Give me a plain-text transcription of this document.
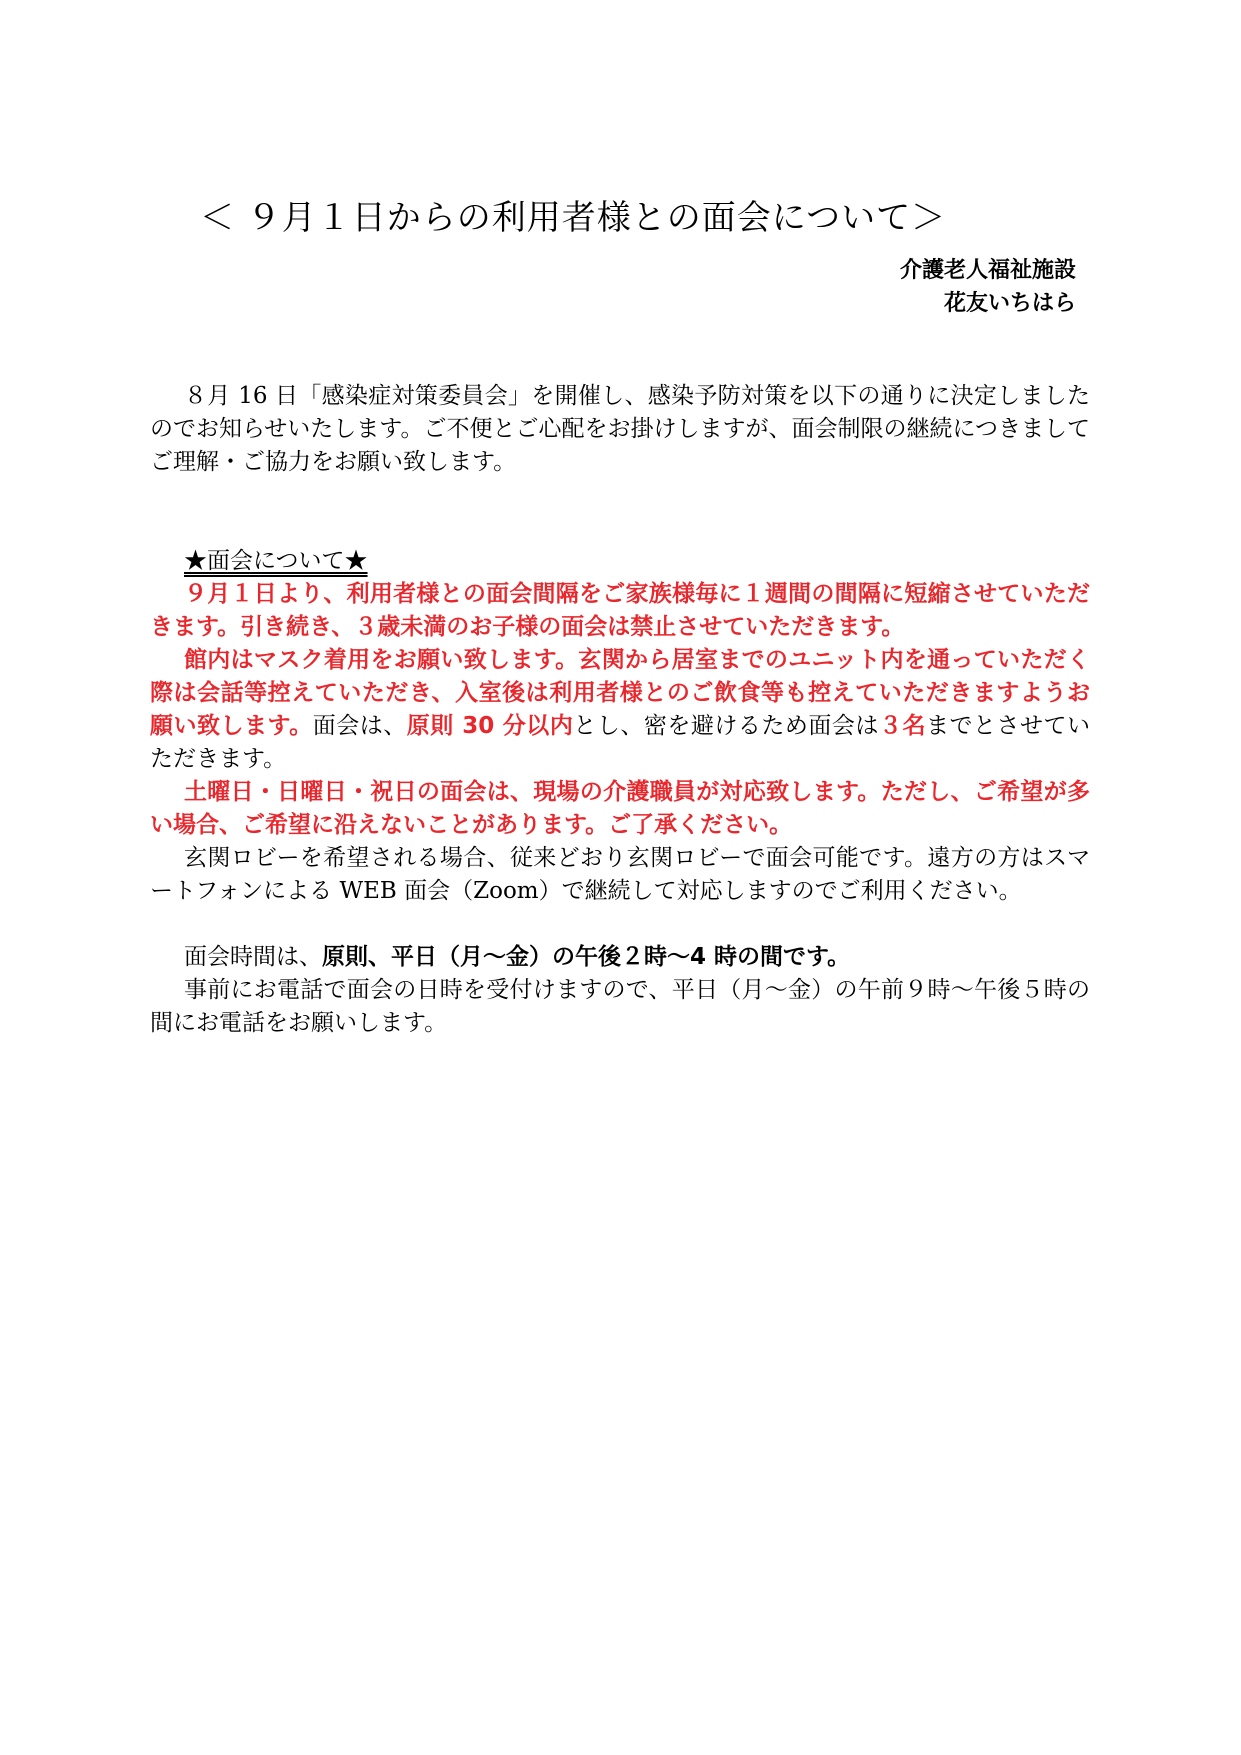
＜ ９月１日からの利用者様との面会について＞
介護老人福祉施設
花友いちはら

８月 16 日「感染症対策委員会」を開催し、感染予防対策を以下の通りに決定しましたのでお知らせいたします。ご不便とご心配をお掛けしますが、面会制限の継続につきましてご理解・ご協力をお願い致します。

★面会について★

９月１日より、利用者様との面会間隔をご家族様毎に１週間の間隔に短縮させていただきます。引き続き、３歳未満のお子様の面会は禁止させていただきます。

館内はマスク着用をお願い致します。玄関から居室までのユニット内を通っていただく際は会話等控えていただき、入室後は利用者様とのご飲食等も控えていただきますようお願い致します。面会は、原則 30 分以内とし、密を避けるため面会は３名までとさせていただきます。

土曜日・日曜日・祝日の面会は、現場の介護職員が対応致します。ただし、ご希望が多い場合、ご希望に沿えないことがあります。ご了承ください。

玄関ロビーを希望される場合、従来どおり玄関ロビーで面会可能です。遠方の方はスマートフォンによる WEB 面会（Zoom）で継続して対応しますのでご利用ください。

面会時間は、原則、平日（月～金）の午後２時～4 時の間です。

事前にお電話で面会の日時を受付けますので、平日（月～金）の午前９時～午後５時の間にお電話をお願いします。
